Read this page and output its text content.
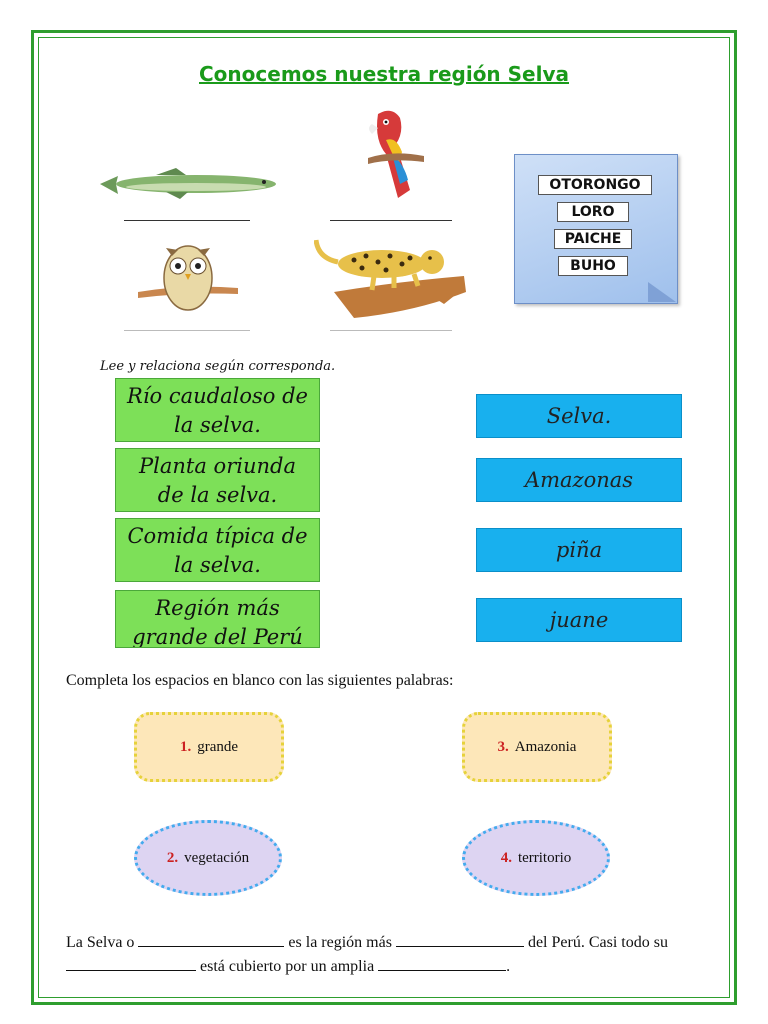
Conocemos nuestra región Selva
OTORONGO
LORO
PAICHE
BUHO
Lee y relaciona según corresponda.
Río caudaloso de
la selva.
Planta oriunda
de la selva.
Comida típica de
la selva.
Región más
grande del Perú
Selva.
Amazonas
piña
juane
Completa los espacios en blanco con las siguientes palabras:
1. grande	3. Amazonia
2. vegetación	4. territorio
La Selva o	es la región más	del Perú. Casi todo su
está cubierto por un amplia	.
